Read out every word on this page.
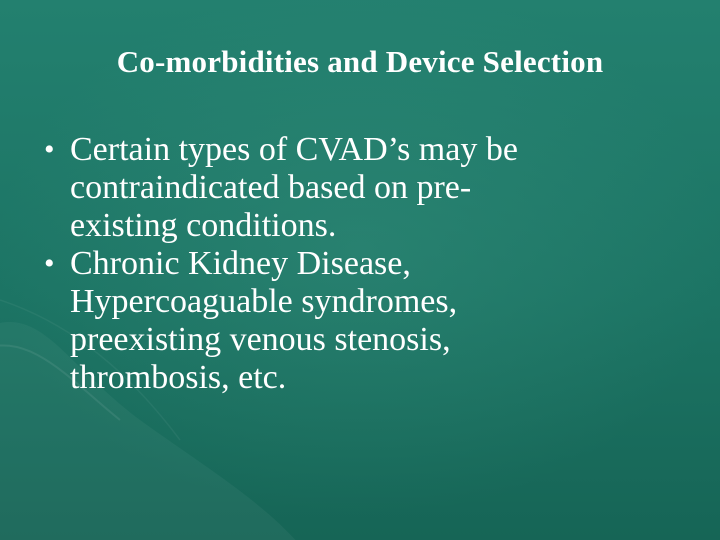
Co-morbidities and Device Selection
• Certain types of CVAD’s may be
contraindicated based on pre-
existing conditions.
• Chronic Kidney Disease,
Hypercoaguable syndromes,
preexisting venous stenosis,
thrombosis, etc.
